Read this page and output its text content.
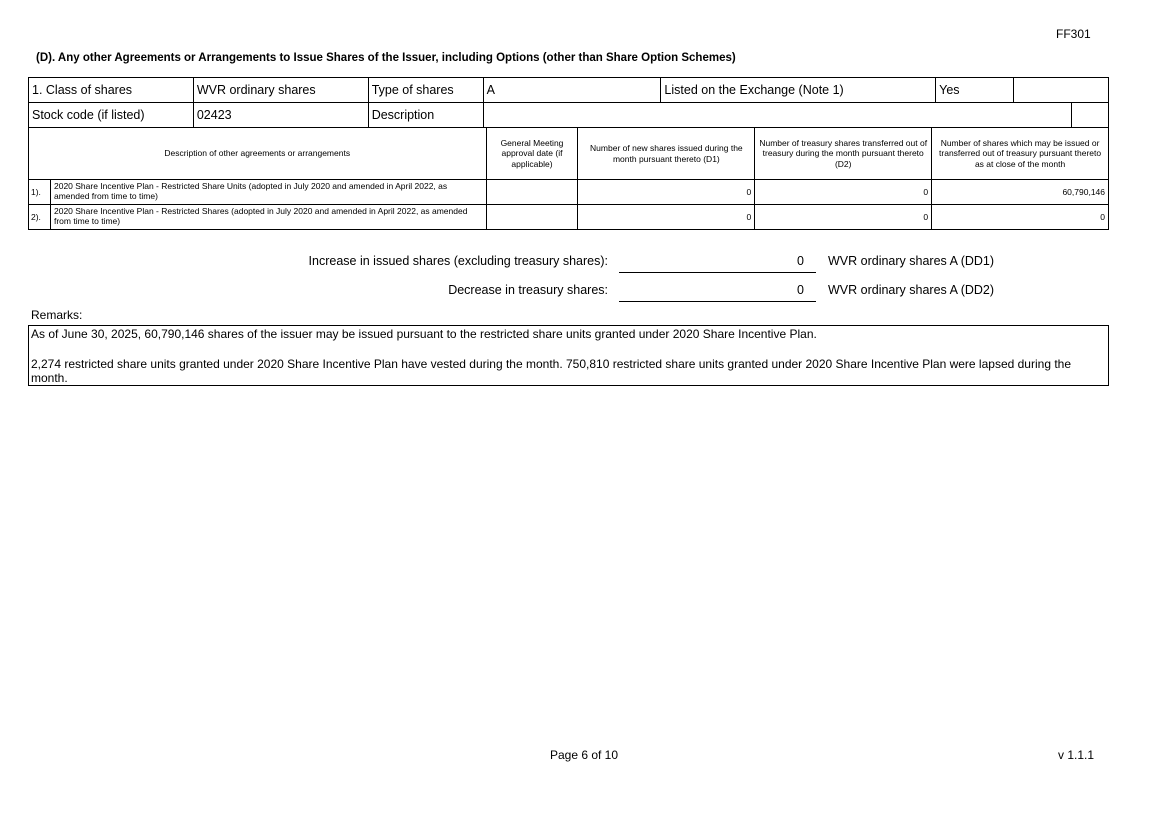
FF301
(D). Any other Agreements or Arrangements to Issue Shares of the Issuer, including Options (other than Share Option Schemes)
1. Class of shares	WVR ordinary shares	Type of shares	A	Listed on the Exchange (Note 1)	Yes		
Stock code (if listed)	02423	Description					
Description of other agreements or arrangements		General Meeting approval date (if applicable)	Number of new shares issued during the month pursuant thereto (D1)	Number of treasury shares transferred out of treasury during the month pursuant thereto (D2)	Number of shares which may be issued or transferred out of treasury pursuant thereto as at close of the month
1).	2020 Share Incentive Plan - Restricted Share Units (adopted in July 2020 and amended in April 2022, as amended from time to time)		0	0	60,790,146
2).	2020 Share Incentive Plan - Restricted Shares (adopted in July 2020 and amended in April 2022, as amended from time to time)		0	0	0
Increase in issued shares (excluding treasury shares):	0 WVR ordinary shares A (DD1)
Decrease in treasury shares:	0 WVR ordinary shares A (DD2)
Remarks:

As of June 30, 2025, 60,790,146 shares of the issuer may be issued pursuant to the restricted share units granted under 2020 Share Incentive Plan.

2,274 restricted share units granted under 2020 Share Incentive Plan have vested during the month. 750,810 restricted share units granted under 2020 Share Incentive Plan were lapsed during the month.

Page 6 of 10	v 1.1.1
